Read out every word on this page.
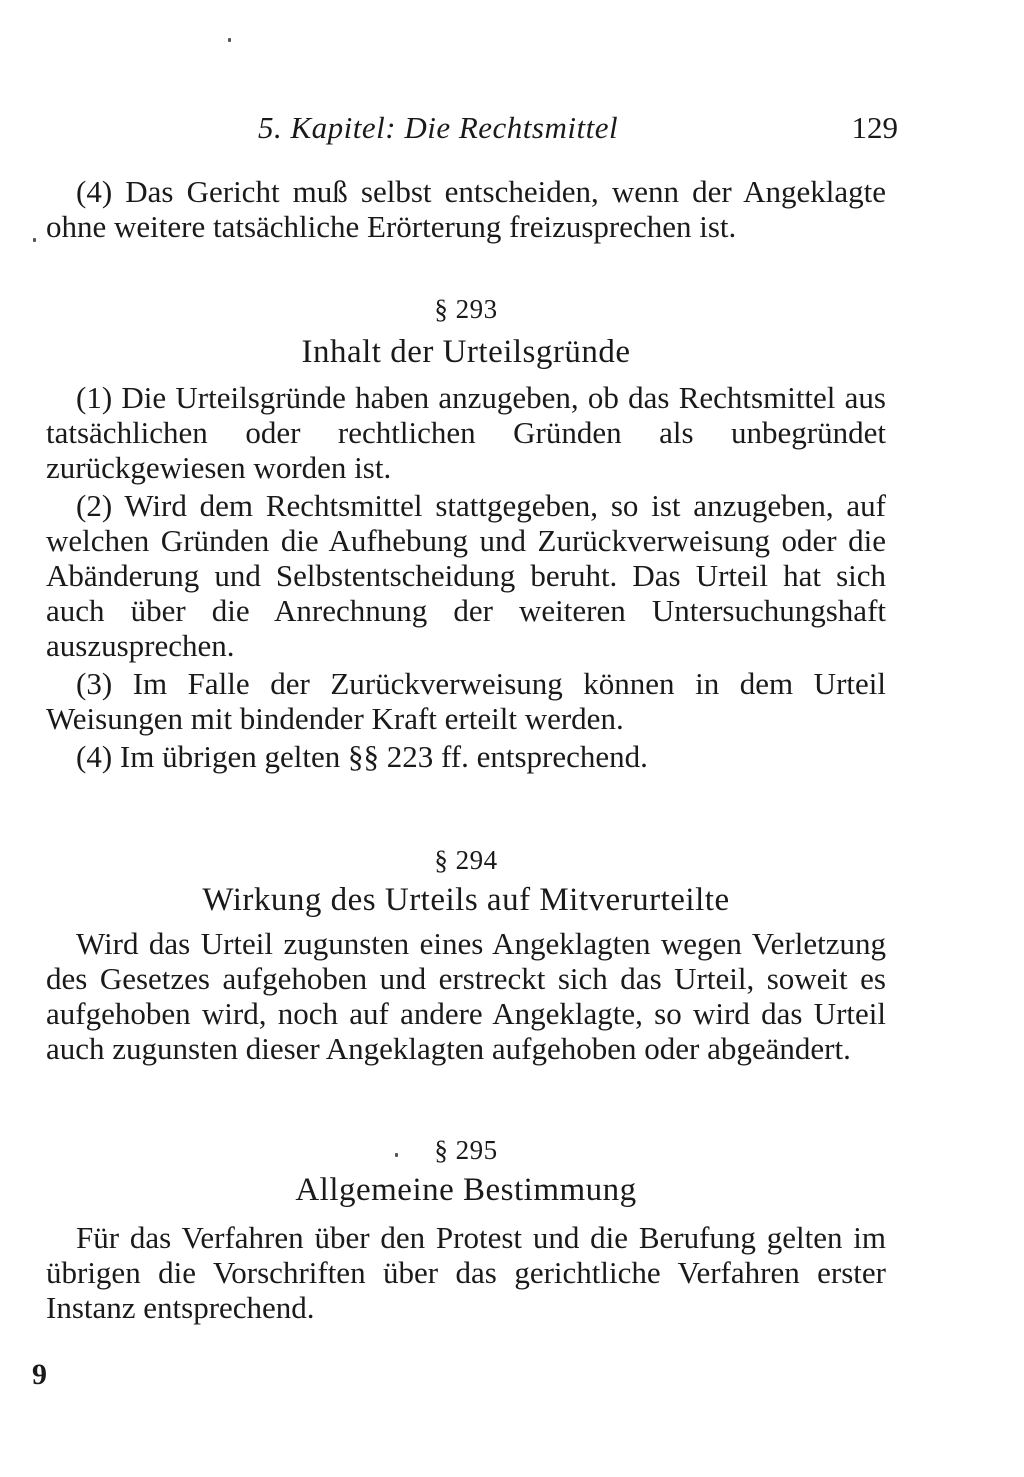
5. Kapitel: Die Rechtsmittel	129

(4) Das Gericht muß selbst entscheiden, wenn der Angeklagte ohne weitere tatsächliche Erörterung freizusprechen ist.

§ 293
Inhalt der Urteilsgründe

(1) Die Urteilsgründe haben anzugeben, ob das Rechtsmittel aus tatsächlichen oder rechtlichen Gründen als unbegründet zurückgewiesen worden ist.

(2) Wird dem Rechtsmittel stattgegeben, so ist anzugeben, auf welchen Gründen die Aufhebung und Zurückverweisung oder die Abänderung und Selbstentscheidung beruht. Das Urteil hat sich auch über die Anrechnung der weiteren Untersuchungshaft auszusprechen.

(3) Im Falle der Zurückverweisung können in dem Urteil Weisungen mit bindender Kraft erteilt werden.

(4) Im übrigen gelten §§ 223 ff. entsprechend.

§ 294
Wirkung des Urteils auf Mitverurteilte

Wird das Urteil zugunsten eines Angeklagten wegen Verletzung des Gesetzes aufgehoben und erstreckt sich das Urteil, soweit es aufgehoben wird, noch auf andere Angeklagte, so wird das Urteil auch zugunsten dieser Angeklagten aufgehoben oder abgeändert.

§ 295
Allgemeine Bestimmung

Für das Verfahren über den Protest und die Berufung gelten im übrigen die Vorschriften über das gerichtliche Verfahren erster Instanz entsprechend.

9
